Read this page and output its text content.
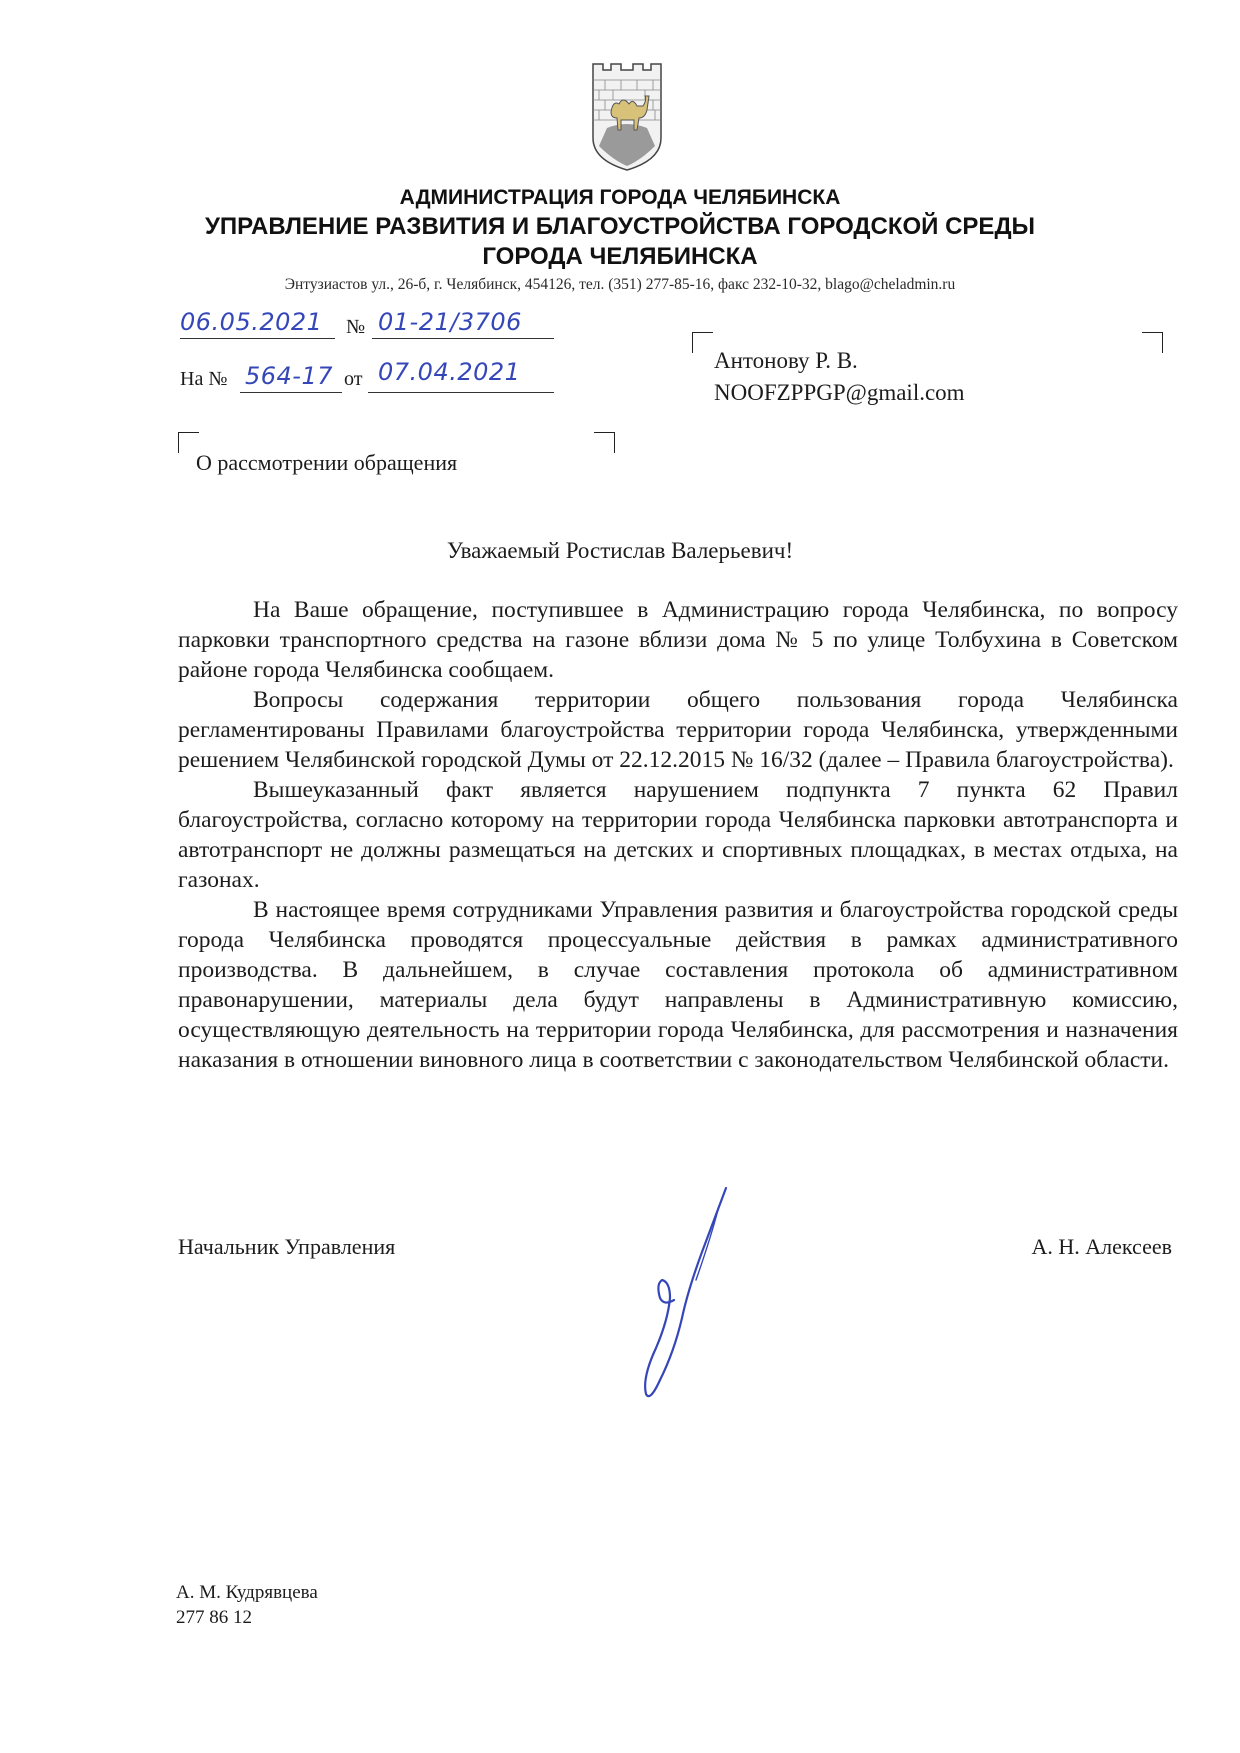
АДМИНИСТРАЦИЯ ГОРОДА ЧЕЛЯБИНСКА
УПРАВЛЕНИЕ РАЗВИТИЯ И БЛАГОУСТРОЙСТВА ГОРОДСКОЙ СРЕДЫ
ГОРОДА ЧЕЛЯБИНСКА
Энтузиастов ул., 26-б, г. Челябинск, 454126, тел. (351) 277-85-16, факс 232-10-32, blago@cheladmin.ru
06.05.2021 № 01-21/3706
На № 564-17 от 07.04.2021	Антонову Р. В.
NOOFZPPGP@gmail.com
О рассмотрении обращения
Уважаемый Ростислав Валерьевич!

На Ваше обращение, поступившее в Администрацию города Челябинска, по вопросу парковки транспортного средства на газоне вблизи дома № 5 по улице Толбухина в Советском районе города Челябинска сообщаем.

Вопросы содержания территории общего пользования города Челябинска регламентированы Правилами благоустройства территории города Челябинска, утвержденными решением Челябинской городской Думы от 22.12.2015 № 16/32 (далее – Правила благоустройства).

Вышеуказанный факт является нарушением подпункта 7 пункта 62 Правил благоустройства, согласно которому на территории города Челябинска парковки автотранспорта и автотранспорт не должны размещаться на детских и спортивных площадках, в местах отдыха, на газонах.

В настоящее время сотрудниками Управления развития и благоустройства городской среды города Челябинска проводятся процессуальные действия в рамках административного производства. В дальнейшем, в случае составления протокола об административном правонарушении, материалы дела будут направлены в Административную комиссию, осуществляющую деятельность на территории города Челябинска, для рассмотрения и назначения наказания в отношении виновного лица в соответствии с законодательством Челябинской области.

Начальник Управления	А. Н. Алексеев
А. М. Кудрявцева
277 86 12
